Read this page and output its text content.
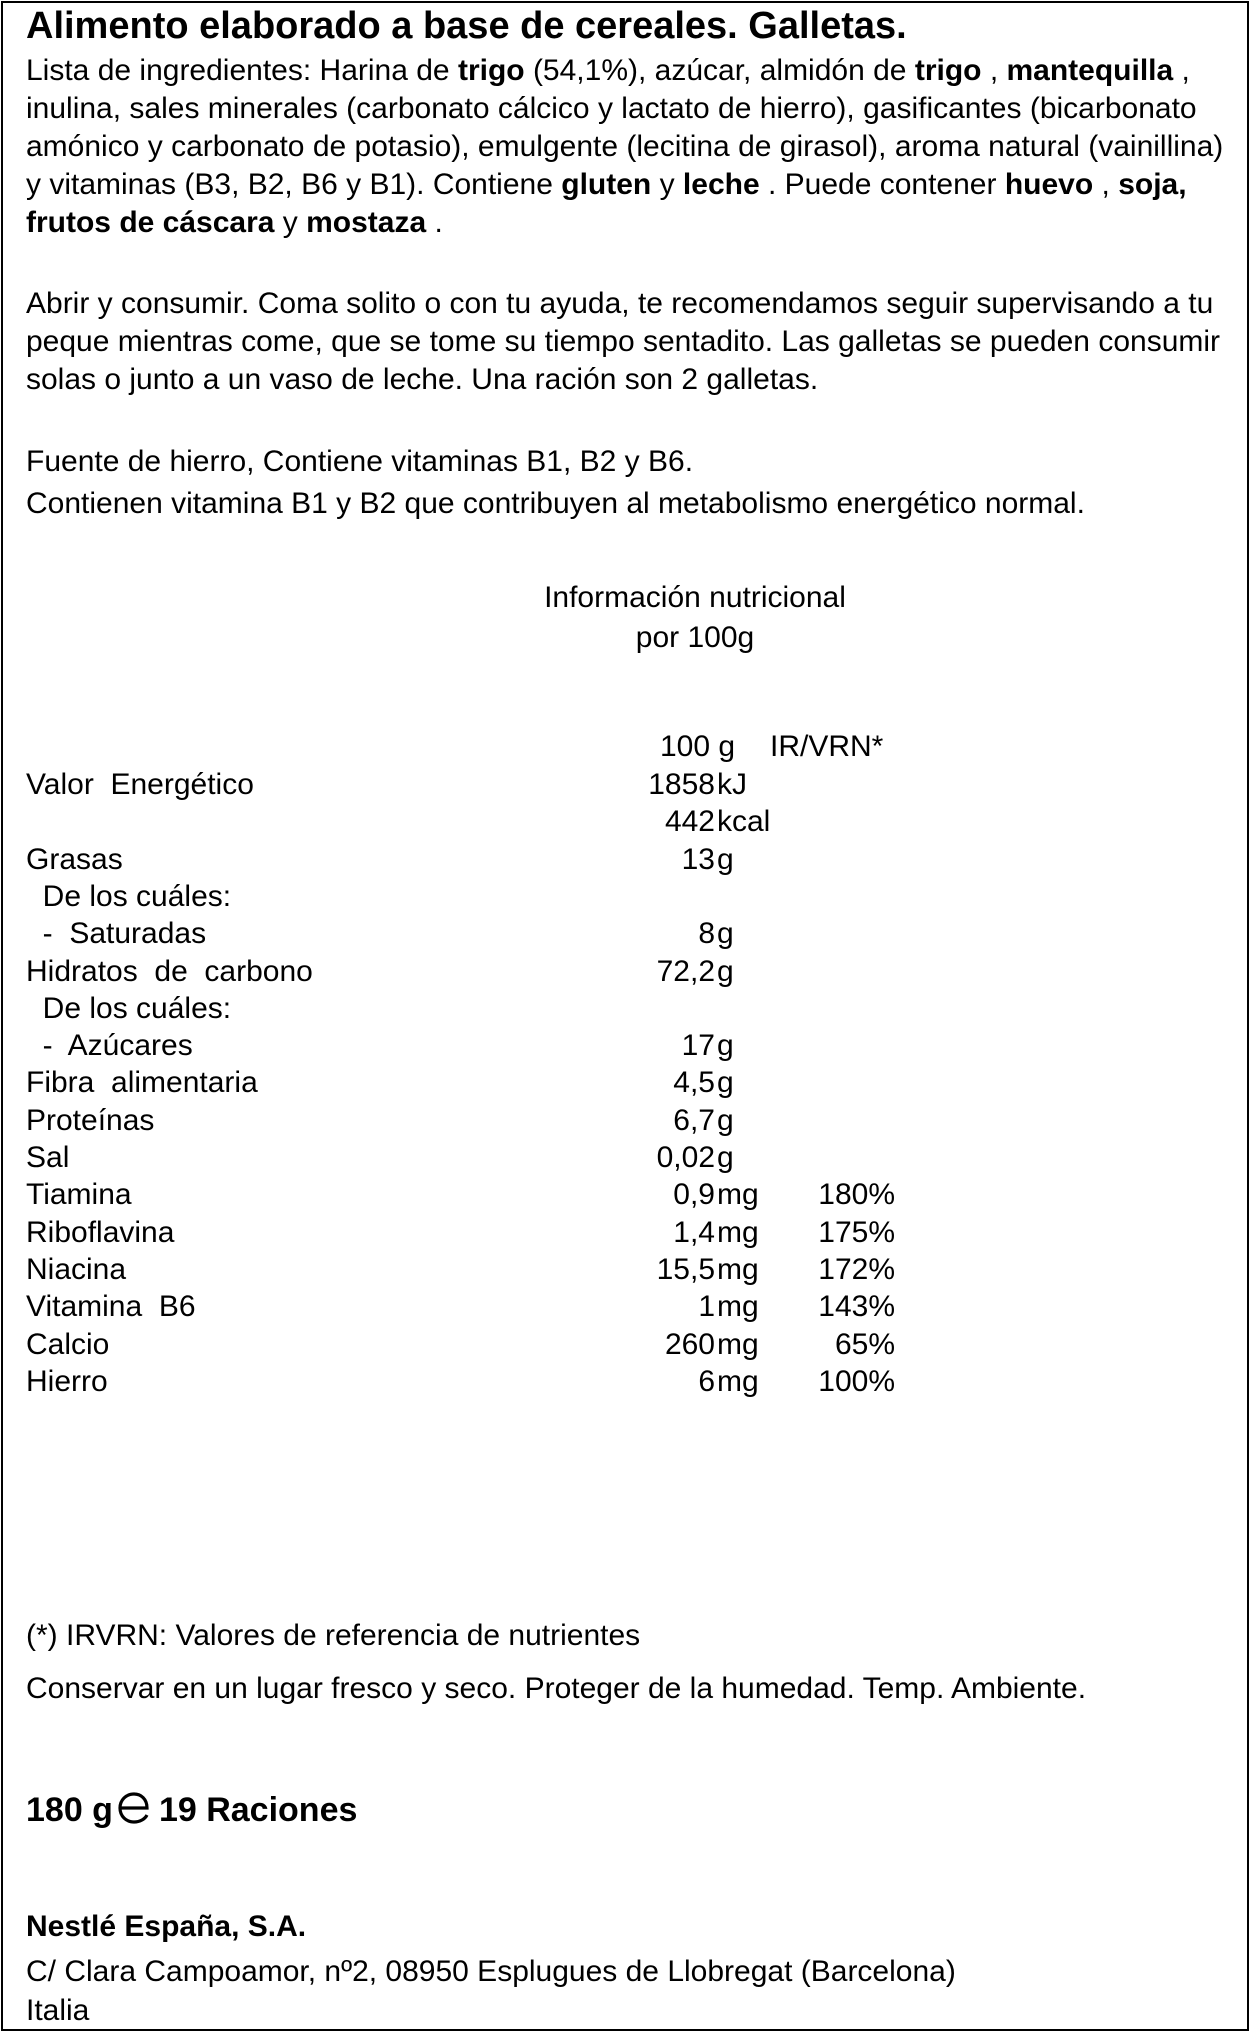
Alimento elaborado a base de cereales. Galletas.
Lista de ingredientes: Harina de trigo (54,1%), azúcar, almidón de trigo , mantequilla , inulina, sales minerales (carbonato cálcico y lactato de hierro), gasificantes (bicarbonato amónico y carbonato de potasio), emulgente (lecitina de girasol), aroma natural (vainillina) y vitaminas (B3, B2, B6 y B1). Contiene gluten y leche . Puede contener huevo , soja, frutos de cáscara y mostaza .
Abrir y consumir. Coma solito o con tu ayuda, te recomendamos seguir supervisando a tu peque mientras come, que se tome su tiempo sentadito. Las galletas se pueden consumir solas o junto a un vaso de leche. Una ración son 2 galletas.
Fuente de hierro, Contiene vitaminas B1, B2 y B6.
Contienen vitamina B1 y B2 que contribuyen al metabolismo energético normal.
Información nutricional
por 100g
100 g IR/VRN*
Valor  Energético	1858 kJ
442 kcal
Grasas	13 g
De los cuáles:
-  Saturadas	8 g
Hidratos  de  carbono	72,2 g
De los cuáles:
-  Azúcares	17 g
Fibra  alimentaria	4,5 g
Proteínas	6,7 g
Sal	0,02 g
Tiamina	0,9 mg	180%
Riboflavina	1,4 mg	175%
Niacina	15,5 mg	172%
Vitamina  B6	1 mg	143%
Calcio	260 mg	65%
Hierro	6 mg	100%
(*) IRVRN: Valores de referencia de nutrientes
Conservar en un lugar fresco y seco. Proteger de la humedad. Temp. Ambiente.
180 g 19 Raciones
Nestlé España, S.A.
C/ Clara Campoamor, nº2, 08950 Esplugues de Llobregat (Barcelona)
Italia
